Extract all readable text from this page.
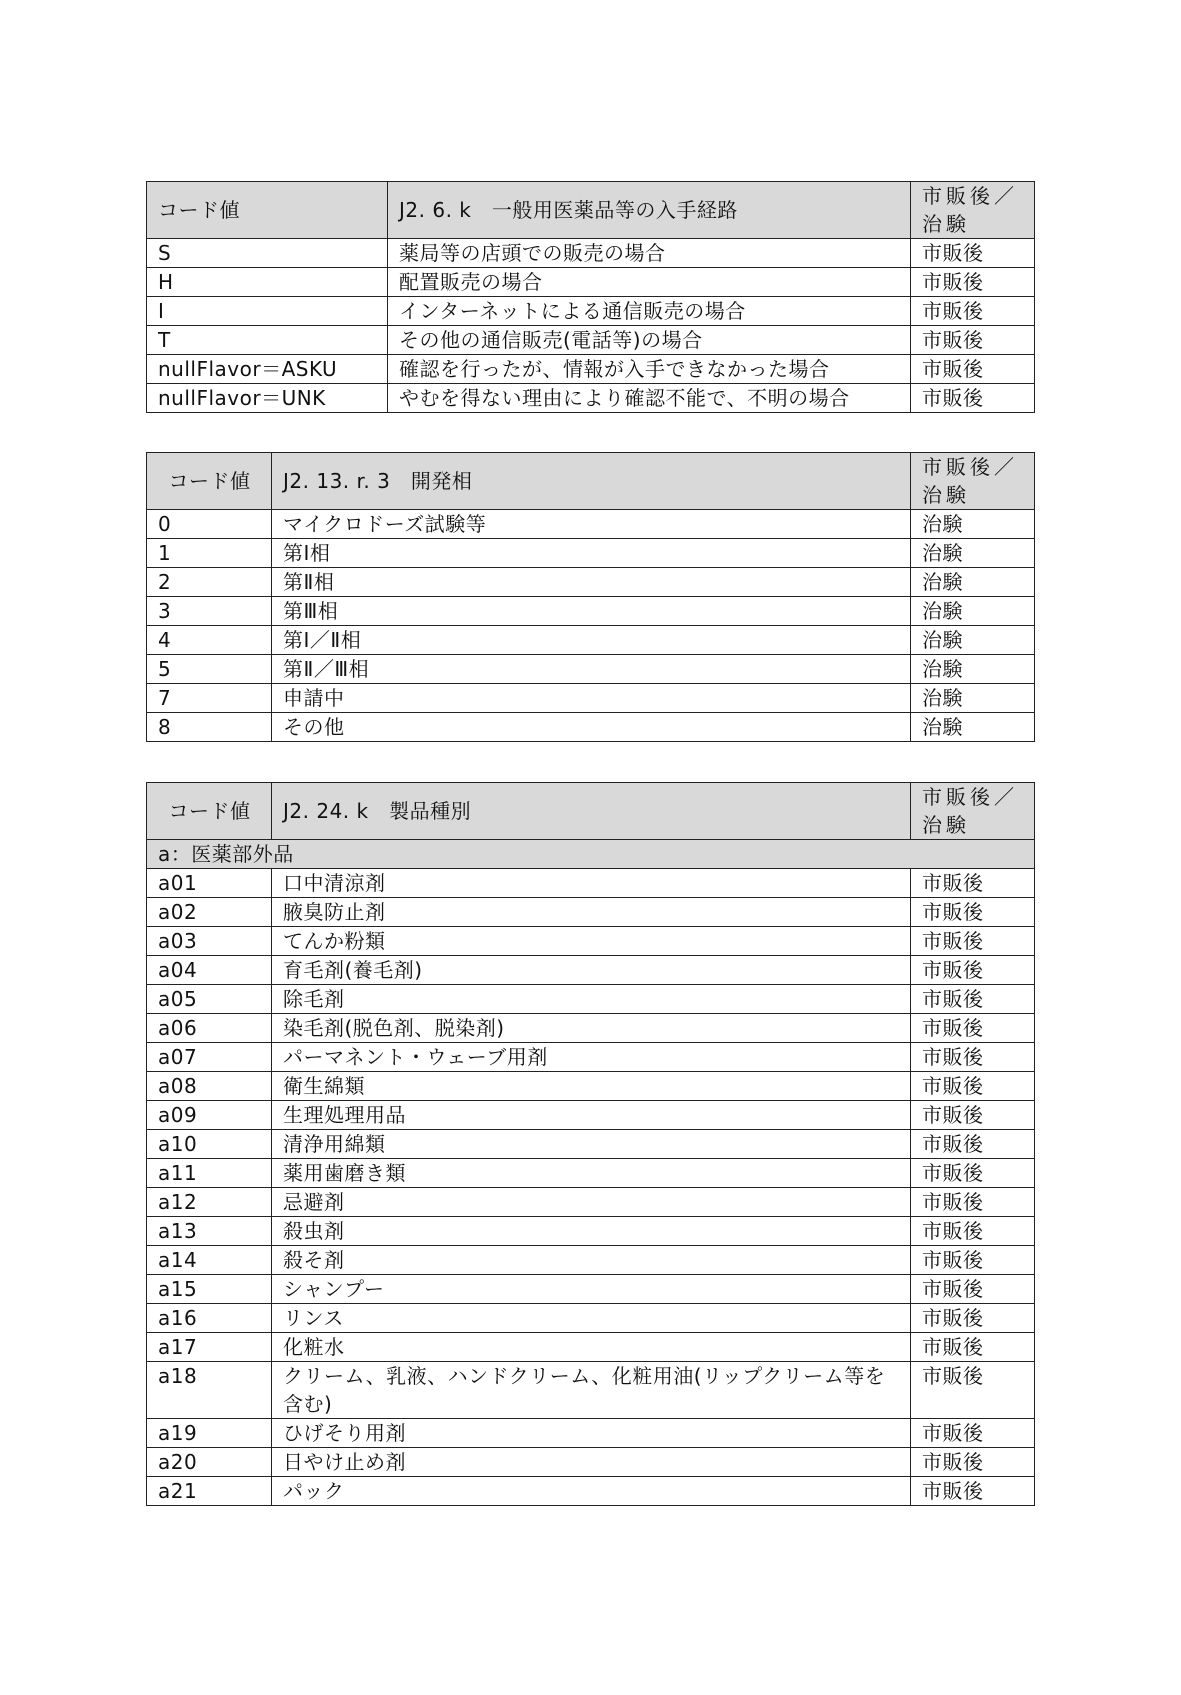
コード値	J2. 6. k　一般用医薬品等の入手経路	市販後／治験
S	薬局等の店頭での販売の場合	市販後
H	配置販売の場合	市販後
I	インターネットによる通信販売の場合	市販後
T	その他の通信販売(電話等)の場合	市販後
nullFlavor＝ASKU	確認を行ったが、情報が入手できなかった場合	市販後
nullFlavor＝UNK	やむを得ない理由により確認不能で、不明の場合	市販後
コード値	J2. 13. r. 3　開発相	市販後／治験
0	マイクロドーズ試験等	治験
1	第Ⅰ相	治験
2	第Ⅱ相	治験
3	第Ⅲ相	治験
4	第Ⅰ／Ⅱ相	治験
5	第Ⅱ／Ⅲ相	治験
7	申請中	治験
8	その他	治験
コード値	J2. 24. k　製品種別	市販後／治験
a：医薬部外品		
a01	口中清涼剤	市販後
a02	腋臭防止剤	市販後
a03	てんか粉類	市販後
a04	育毛剤(養毛剤)	市販後
a05	除毛剤	市販後
a06	染毛剤(脱色剤、脱染剤)	市販後
a07	パーマネント・ウェーブ用剤	市販後
a08	衛生綿類	市販後
a09	生理処理用品	市販後
a10	清浄用綿類	市販後
a11	薬用歯磨き類	市販後
a12	忌避剤	市販後
a13	殺虫剤	市販後
a14	殺そ剤	市販後
a15	シャンプー	市販後
a16	リンス	市販後
a17	化粧水	市販後
a18	クリーム、乳液、ハンドクリーム、化粧用油(リップクリーム等を含む)	市販後
a19	ひげそり用剤	市販後
a20	日やけ止め剤	市販後
a21	パック	市販後
